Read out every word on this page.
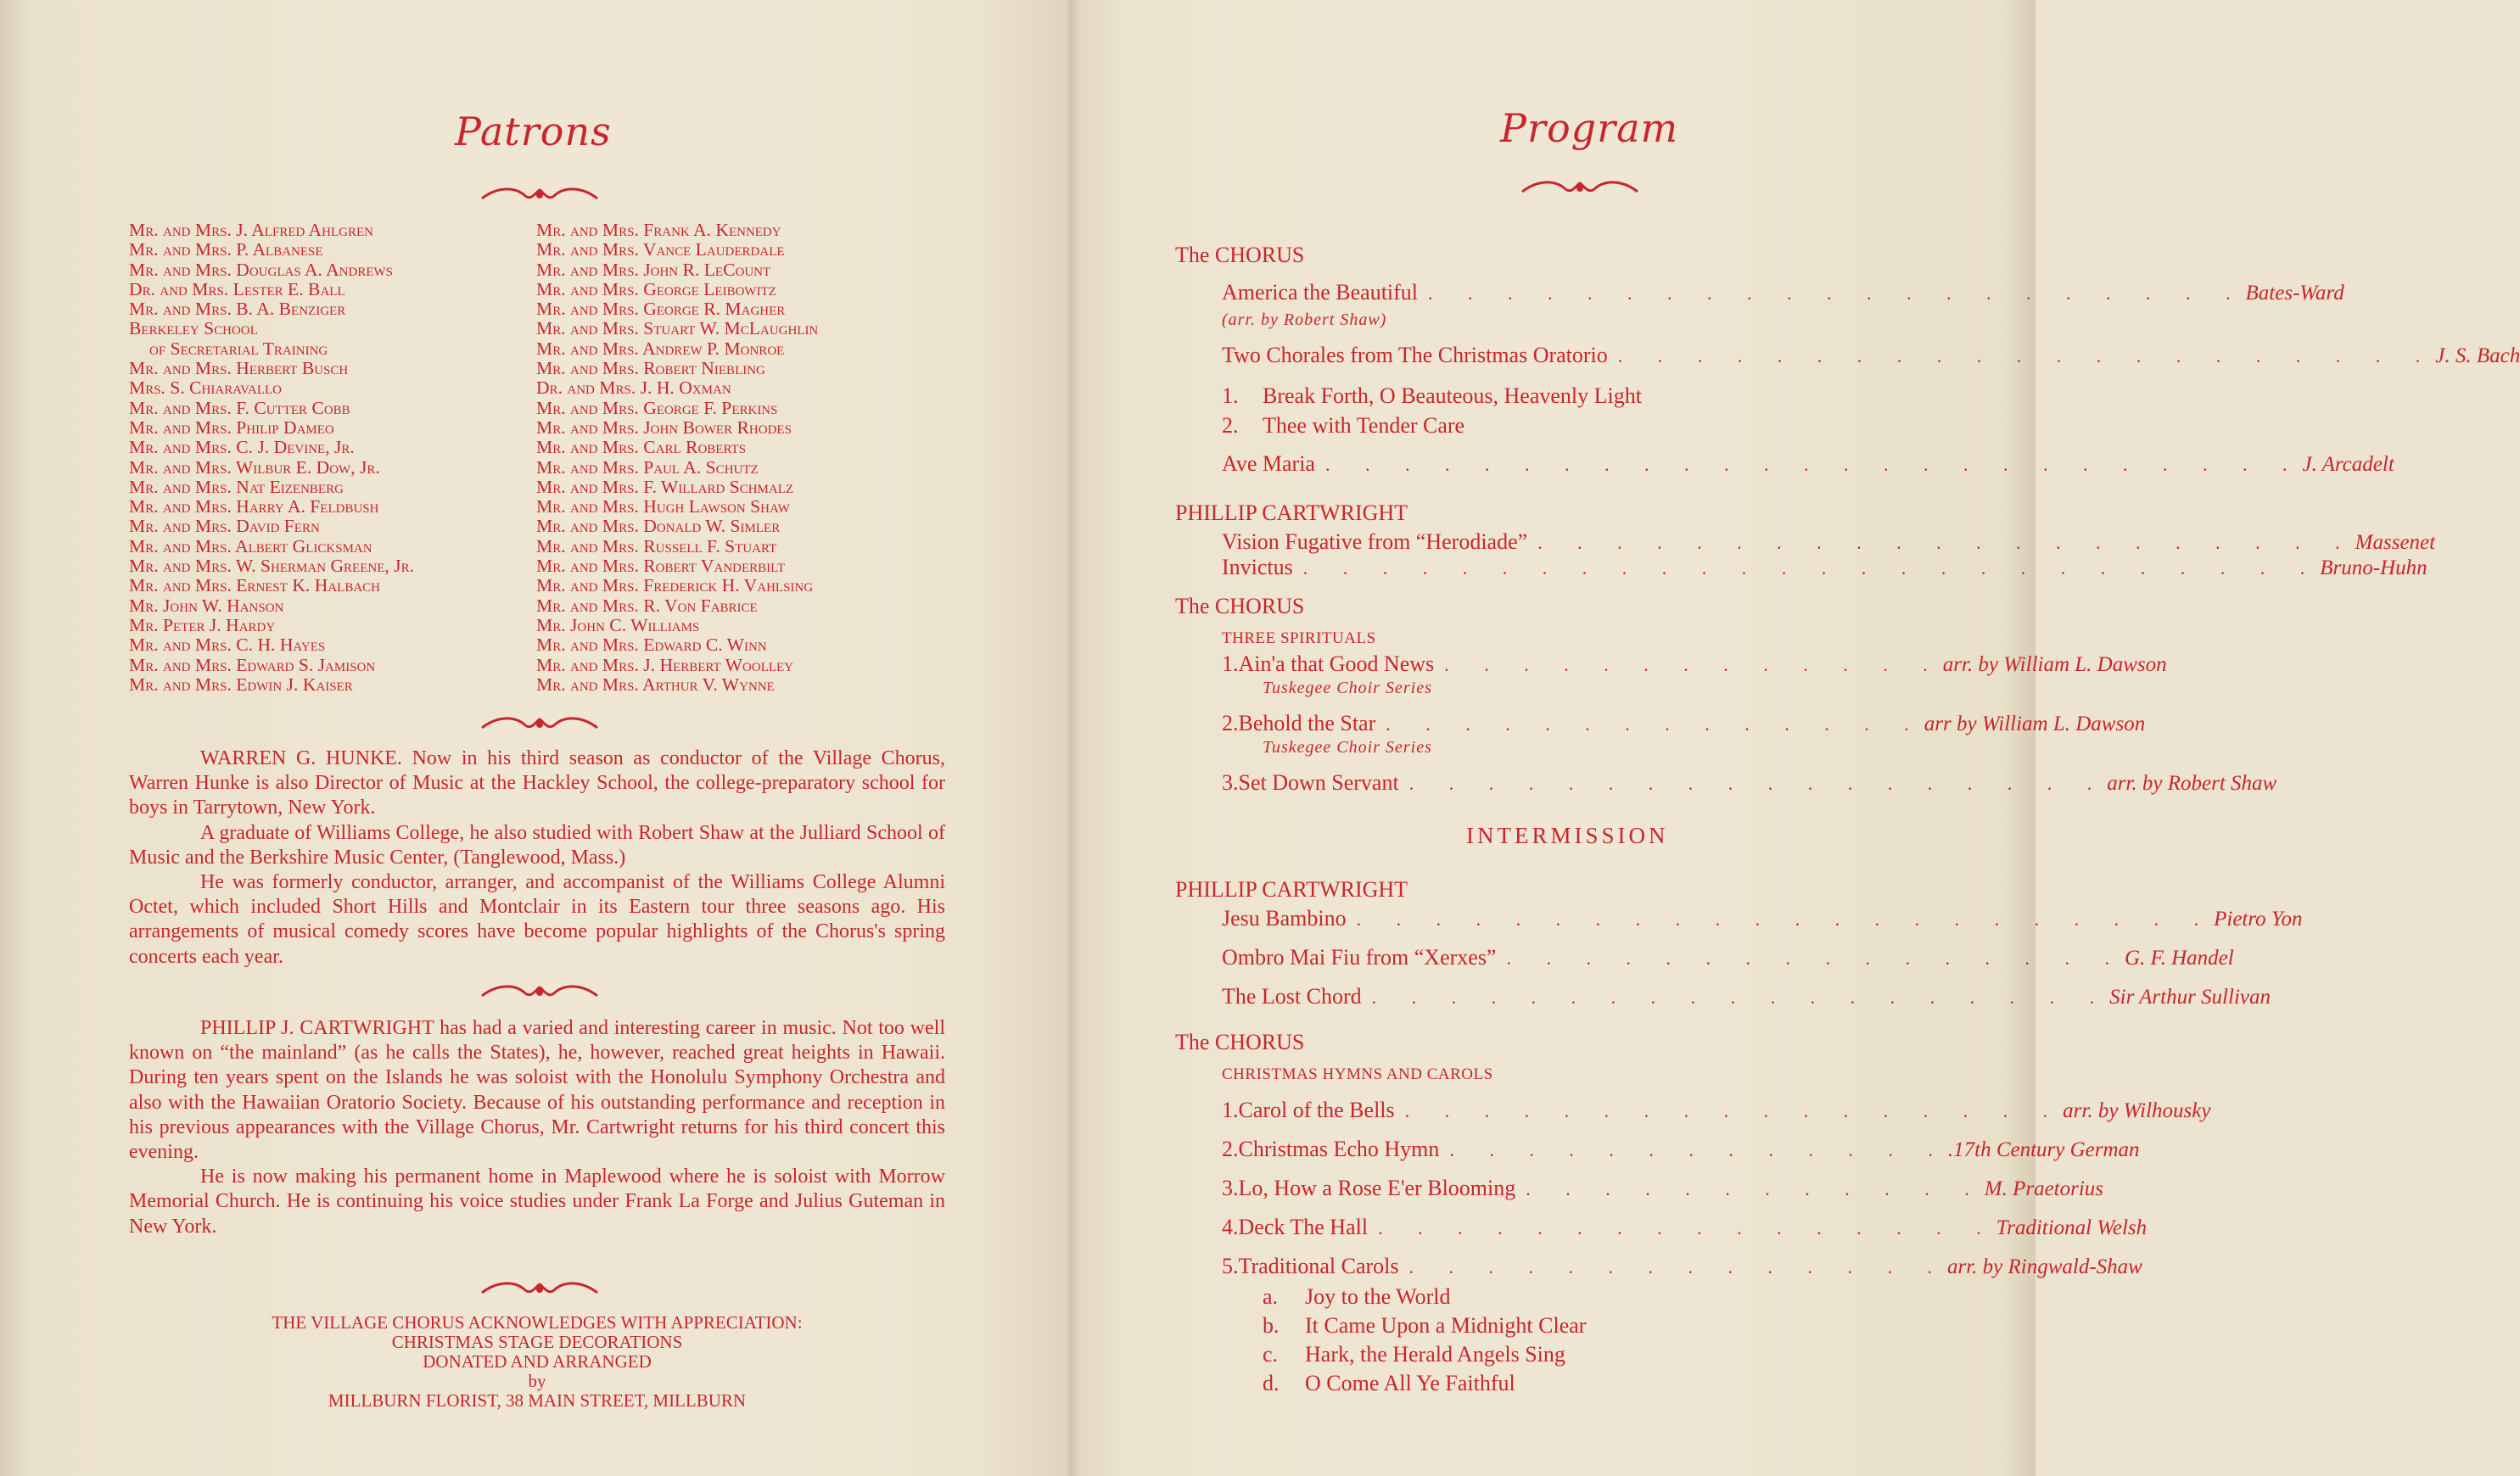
Patrons
Mr. and Mrs. J. Alfred Ahlgren
Mr. and Mrs. P. Albanese
Mr. and Mrs. Douglas A. Andrews
Dr. and Mrs. Lester E. Ball
Mr. and Mrs. B. A. Benziger
Berkeley School
of Secretarial Training
Mr. and Mrs. Herbert Busch
Mrs. S. Chiaravallo
Mr. and Mrs. F. Cutter Cobb
Mr. and Mrs. Philip Dameo
Mr. and Mrs. C. J. Devine, Jr.
Mr. and Mrs. Wilbur E. Dow, Jr.
Mr. and Mrs. Nat Eizenberg
Mr. and Mrs. Harry A. Feldbush
Mr. and Mrs. David Fern
Mr. and Mrs. Albert Glicksman
Mr. and Mrs. W. Sherman Greene, Jr.
Mr. and Mrs. Ernest K. Halbach
Mr. John W. Hanson
Mr. Peter J. Hardy
Mr. and Mrs. C. H. Hayes
Mr. and Mrs. Edward S. Jamison
Mr. and Mrs. Edwin J. Kaiser
Mr. and Mrs. Frank A. Kennedy
Mr. and Mrs. Vance Lauderdale
Mr. and Mrs. John R. LeCount
Mr. and Mrs. George Leibowitz
Mr. and Mrs. George R. Magher
Mr. and Mrs. Stuart W. McLaughlin
Mr. and Mrs. Andrew P. Monroe
Mr. and Mrs. Robert Niebling
Dr. and Mrs. J. H. Oxman
Mr. and Mrs. George F. Perkins
Mr. and Mrs. John Bower Rhodes
Mr. and Mrs. Carl Roberts
Mr. and Mrs. Paul A. Schutz
Mr. and Mrs. F. Willard Schmalz
Mr. and Mrs. Hugh Lawson Shaw
Mr. and Mrs. Donald W. Simler
Mr. and Mrs. Russell F. Stuart
Mr. and Mrs. Robert Vanderbilt
Mr. and Mrs. Frederick H. Vahlsing
Mr. and Mrs. R. Von Fabrice
Mr. John C. Williams
Mr. and Mrs. Edward C. Winn
Mr. and Mrs. J. Herbert Woolley
Mr. and Mrs. Arthur V. Wynne

WARREN G. HUNKE. Now in his third season as conductor of the Village Chorus, Warren Hunke is also Director of Music at the Hackley School, the college-preparatory school for boys in Tarrytown, New York.

A graduate of Williams College, he also studied with Robert Shaw at the Julliard School of Music and the Berkshire Music Center, (Tanglewood, Mass.)

He was formerly conductor, arranger, and accompanist of the Williams College Alumni Octet, which included Short Hills and Montclair in its Eastern tour three seasons ago. His arrangements of musical comedy scores have become popular highlights of the Chorus's spring concerts each year.

PHILLIP J. CARTWRIGHT has had a varied and interesting career in music. Not too well known on “the mainland” (as he calls the States), he, however, reached great heights in Hawaii. During ten years spent on the Islands he was soloist with the Honolulu Symphony Orchestra and also with the Hawaiian Oratorio Society. Because of his outstanding performance and reception in his previous appearances with the Village Chorus, Mr. Cartwright returns for his third concert this evening.

He is now making his permanent home in Maplewood where he is soloist with Morrow Memorial Church. He is continuing his voice studies under Frank La Forge and Julius Guteman in New York.

THE VILLAGE CHORUS ACKNOWLEDGES WITH APPRECIATION:
CHRISTMAS STAGE DECORATIONS
DONATED AND ARRANGED
by
MILLBURN FLORIST, 38 MAIN STREET, MILLBURN
Program
The CHORUS
America the Beautiful . . . . . . . . . . . . . . . . . . . . . Bates-Ward
(arr. by Robert Shaw)
Two Chorales from The Christmas Oratorio . . . . . . . . . . . . . . . . . . . . . J. S. Bach
1. Break Forth, O Beauteous, Heavenly Light
2. Thee with Tender Care
Ave Maria . . . . . . . . . . . . . . . . . . . . . . . . . J. Arcadelt
PHILLIP CARTWRIGHT
Vision Fugative from “Herodiade” . . . . . . . . . . . . . . . . . . . . . Massenet
Invictus . . . . . . . . . . . . . . . . . . . . . . . . . . Bruno-Huhn
The CHORUS
THREE SPIRITUALS
1. Ain'a that Good News . . . . . . . . . . . . . arr. by William L. Dawson
Tuskegee Choir Series
2. Behold the Star . . . . . . . . . . . . . . arr by William L. Dawson
Tuskegee Choir Series
3. Set Down Servant . . . . . . . . . . . . . . . . . . arr. by Robert Shaw
INTERMISSION
PHILLIP CARTWRIGHT
Jesu Bambino . . . . . . . . . . . . . . . . . . . . . . Pietro Yon
Ombro Mai Fiu from “Xerxes” . . . . . . . . . . . . . . . . G. F. Handel
The Lost Chord . . . . . . . . . . . . . . . . . . . Sir Arthur Sullivan
The CHORUS
CHRISTMAS HYMNS AND CAROLS
1. Carol of the Bells . . . . . . . . . . . . . . . . . arr. by Wilhousky
2. Christmas Echo Hymn . . . . . . . . . . . . . .17th Century German
3. Lo, How a Rose E'er Blooming . . . . . . . . . . . . M. Praetorius
4. Deck The Hall . . . . . . . . . . . . . . . . Traditional Welsh
5. Traditional Carols . . . . . . . . . . . . . . arr. by Ringwald-Shaw
a. Joy to the World
b. It Came Upon a Midnight Clear
c. Hark, the Herald Angels Sing
d. O Come All Ye Faithful
